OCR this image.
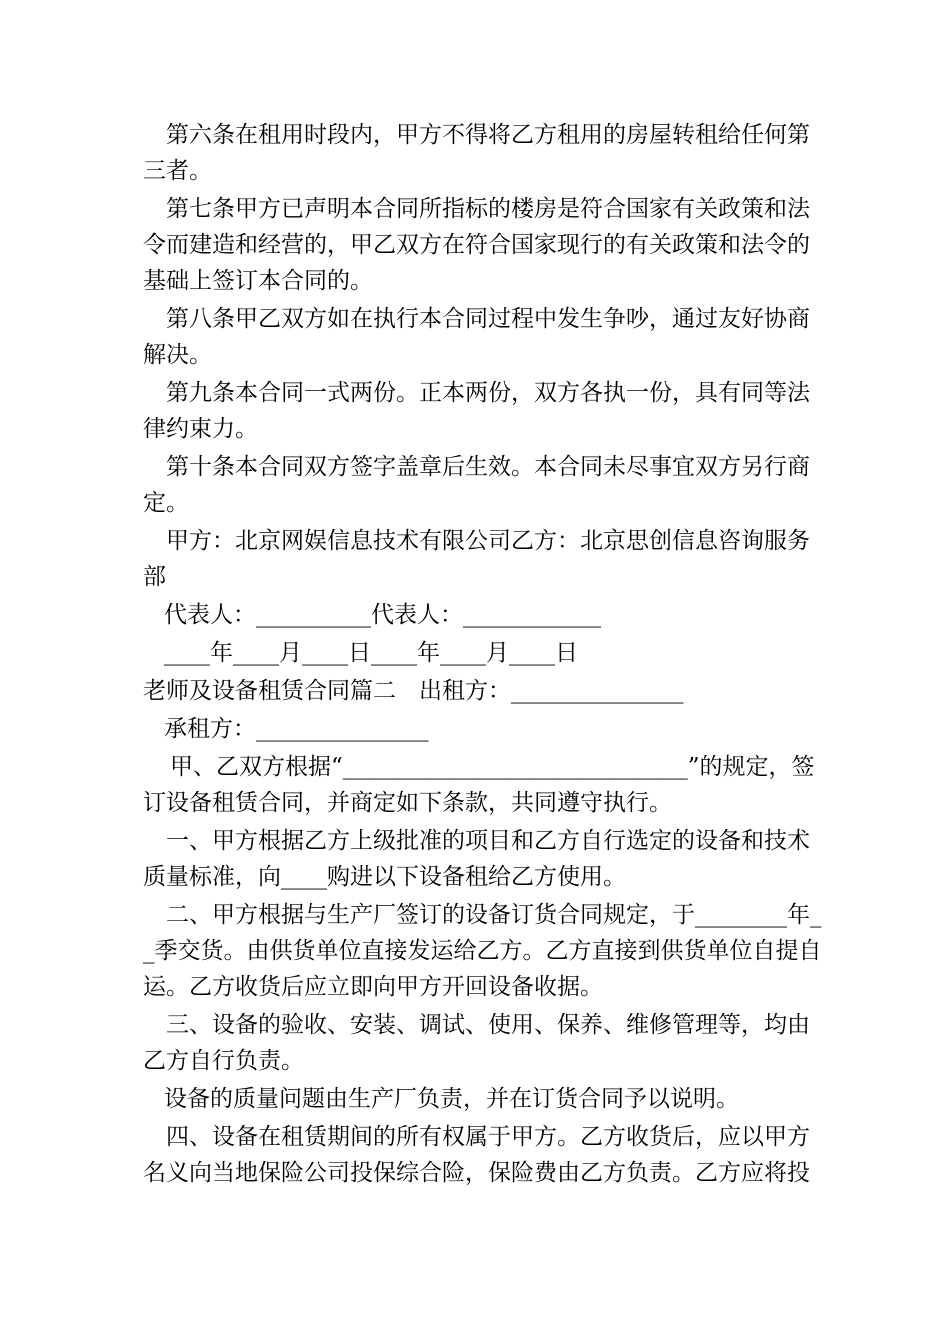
第六条在租用时段内，甲方不得将乙方租用的房屋转租给任何第
三者。
第七条甲方已声明本合同所指标的楼房是符合国家有关政策和法
令而建造和经营的，甲乙双方在符合国家现行的有关政策和法令的
基础上签订本合同的。
第八条甲乙双方如在执行本合同过程中发生争吵，通过友好协商
解决。
第九条本合同一式两份。正本两份，双方各执一份，具有同等法
律约束力。
第十条本合同双方签字盖章后生效。本合同未尽事宜双方另行商
定。
甲方：北京网娱信息技术有限公司乙方：北京思创信息咨询服务
部
代表人：__________代表人：____________
____年____月____日____年____月____日
老师及设备租赁合同篇二　出租方：_______________
承租方：_______________
甲、乙双方根据“______________________________”的规定，签
订设备租赁合同，并商定如下条款，共同遵守执行。
一、甲方根据乙方上级批准的项目和乙方自行选定的设备和技术
质量标准，向____购进以下设备租给乙方使用。
二、甲方根据与生产厂签订的设备订货合同规定，于________年_
_季交货。由供货单位直接发运给乙方。乙方直接到供货单位自提自
运。乙方收货后应立即向甲方开回设备收据。
三、设备的验收、安装、调试、使用、保养、维修管理等，均由
乙方自行负责。
设备的质量问题由生产厂负责，并在订货合同予以说明。
四、设备在租赁期间的所有权属于甲方。乙方收货后，应以甲方
名义向当地保险公司投保综合险，保险费由乙方负责。乙方应将投
